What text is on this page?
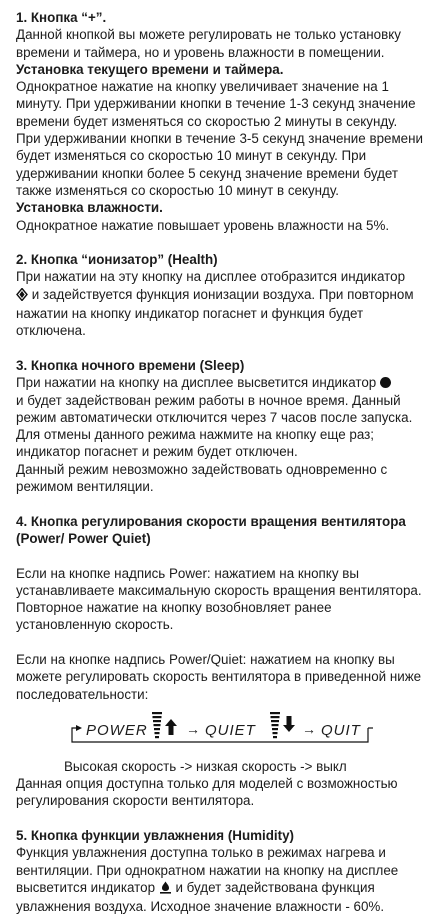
1. Кнопка “+”.

Данной кнопкой вы можете регулировать не только установку времени и таймера, но и уровень влажности в помещении.

Установка текущего времени и таймера.

Однократное нажатие на кнопку увеличивает значение на 1 минуту. При удерживании кнопки в течение 1-3 секунд значение времени будет изменяться со скоростью 2 минуты в секунду.

При удерживании кнопки в течение 3-5 секунд значение времени будет изменяться со скоростью 10 минут в секунду. При удерживании кнопки более 5 секунд значение времени будет также изменяться со скоростью 10 минут в секунду.

Установка влажности.

Однократное нажатие повышает уровень влажности на 5%.

2. Кнопка “ионизатор” (Health)

При нажатии на эту кнопку на дисплее отобразится индикатор

и задействуется функция ионизации воздуха. При повторном нажатии на кнопку индикатор погаснет и функция будет отключена.

3. Кнопка ночного времени (Sleep)

При нажатии на кнопку на дисплее высветится индикатор

и будет задействован режим работы в ночное время. Данный режим автоматически отключится через 7 часов после запуска. Для отмены данного режима нажмите на кнопку еще раз; индикатор погаснет и режим будет отключен.

Данный режим невозможно задействовать одновременно с режимом вентиляции.

4. Кнопка регулирования скорости вращения вентилятора (Power/ Power Quiet)

Если на кнопке надпись Power: нажатием на кнопку вы устанавливаете максимальную скорость вращения вентилятора. Повторное нажатие на кнопку возобновляет ранее установленную скорость.

Если на кнопке надпись Power/Quiet: нажатием на кнопку вы можете регулировать скорость вентилятора в приведенной ниже последовательности:

POWER	→ QUIET	→ QUIT

Высокая скорость -> низкая скорость -> выкл

Данная опция доступна только для моделей с возможностью регулирования скорости вентилятора.

5. Кнопка функции увлажнения (Humidity)

Функция увлажнения доступна только в режимах нагрева и вентиляции. При однократном нажатии на кнопку на дисплее высветится индикатор и будет задействована функция увлажнения воздуха. Исходное значение влажности - 60%.
